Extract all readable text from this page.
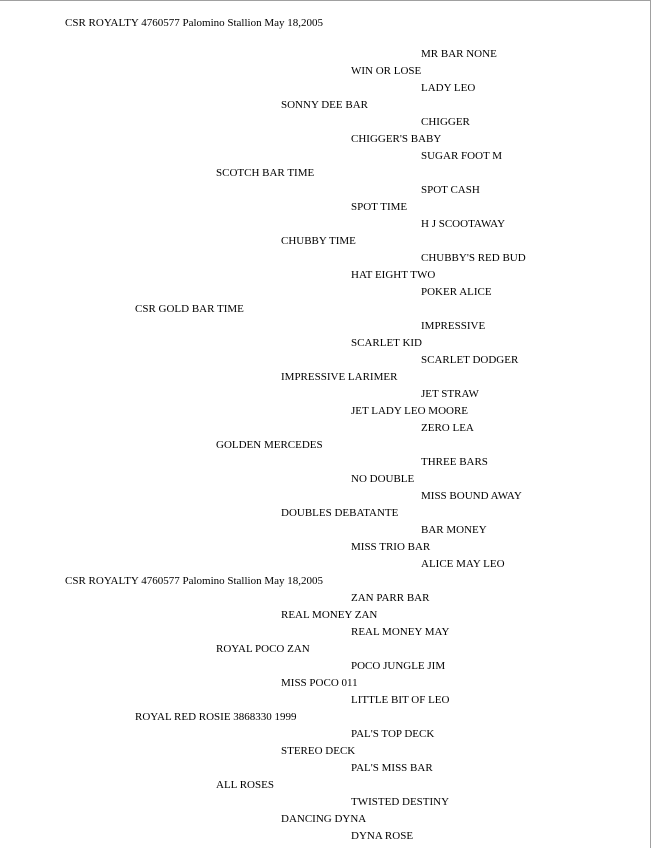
CSR ROYALTY 4760577 Palomino Stallion May 18,2005
MR BAR NONE
WIN OR LOSE
LADY LEO
SONNY DEE BAR
CHIGGER
CHIGGER'S BABY
SUGAR FOOT M
SCOTCH BAR TIME
SPOT CASH
SPOT TIME
H J SCOOTAWAY
CHUBBY TIME
CHUBBY'S RED BUD
HAT EIGHT TWO
POKER ALICE
CSR GOLD BAR TIME
IMPRESSIVE
SCARLET KID
SCARLET DODGER
IMPRESSIVE LARIMER
JET STRAW
JET LADY LEO MOORE
ZERO LEA
GOLDEN MERCEDES
THREE BARS
NO DOUBLE
MISS BOUND AWAY
DOUBLES DEBATANTE
BAR MONEY
MISS TRIO BAR
ALICE MAY LEO
CSR ROYALTY 4760577 Palomino Stallion May 18,2005
ZAN PARR BAR
REAL MONEY ZAN
REAL MONEY MAY
ROYAL POCO ZAN
POCO JUNGLE JIM
MISS POCO 011
LITTLE BIT OF LEO
ROYAL RED ROSIE 3868330 1999
PAL'S TOP DECK
STEREO DECK
PAL'S MISS BAR
ALL ROSES
TWISTED DESTINY
DANCING DYNA
DYNA ROSE
